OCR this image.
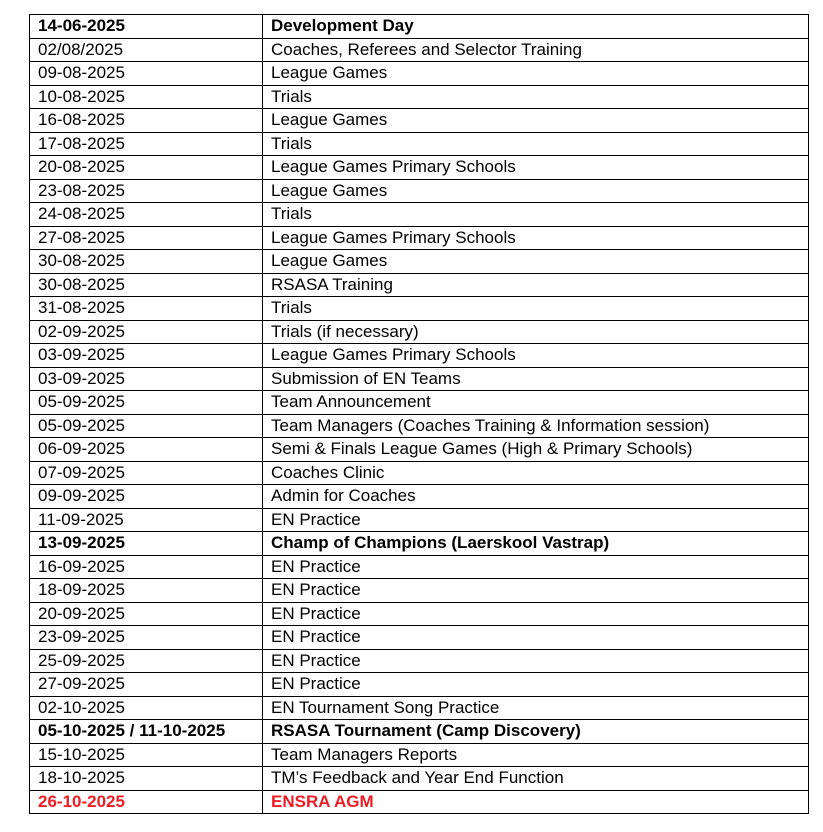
14-06-2025	Development Day
02/08/2025	Coaches, Referees and Selector Training
09-08-2025	League Games
10-08-2025	Trials
16-08-2025	League Games
17-08-2025	Trials
20-08-2025	League Games Primary Schools
23-08-2025	League Games
24-08-2025	Trials
27-08-2025	League Games Primary Schools
30-08-2025	League Games
30-08-2025	RSASA Training
31-08-2025	Trials
02-09-2025	Trials (if necessary)
03-09-2025	League Games Primary Schools
03-09-2025	Submission of EN Teams
05-09-2025	Team Announcement
05-09-2025	Team Managers (Coaches Training & Information session)
06-09-2025	Semi & Finals League Games (High & Primary Schools)
07-09-2025	Coaches Clinic
09-09-2025	Admin for Coaches
11-09-2025	EN Practice
13-09-2025	Champ of Champions (Laerskool Vastrap)
16-09-2025	EN Practice
18-09-2025	EN Practice
20-09-2025	EN Practice
23-09-2025	EN Practice
25-09-2025	EN Practice
27-09-2025	EN Practice
02-10-2025	EN Tournament Song Practice
05-10-2025 / 11-10-2025	RSASA Tournament (Camp Discovery)
15-10-2025	Team Managers Reports
18-10-2025	TM’s Feedback and Year End Function
26-10-2025	ENSRA AGM
